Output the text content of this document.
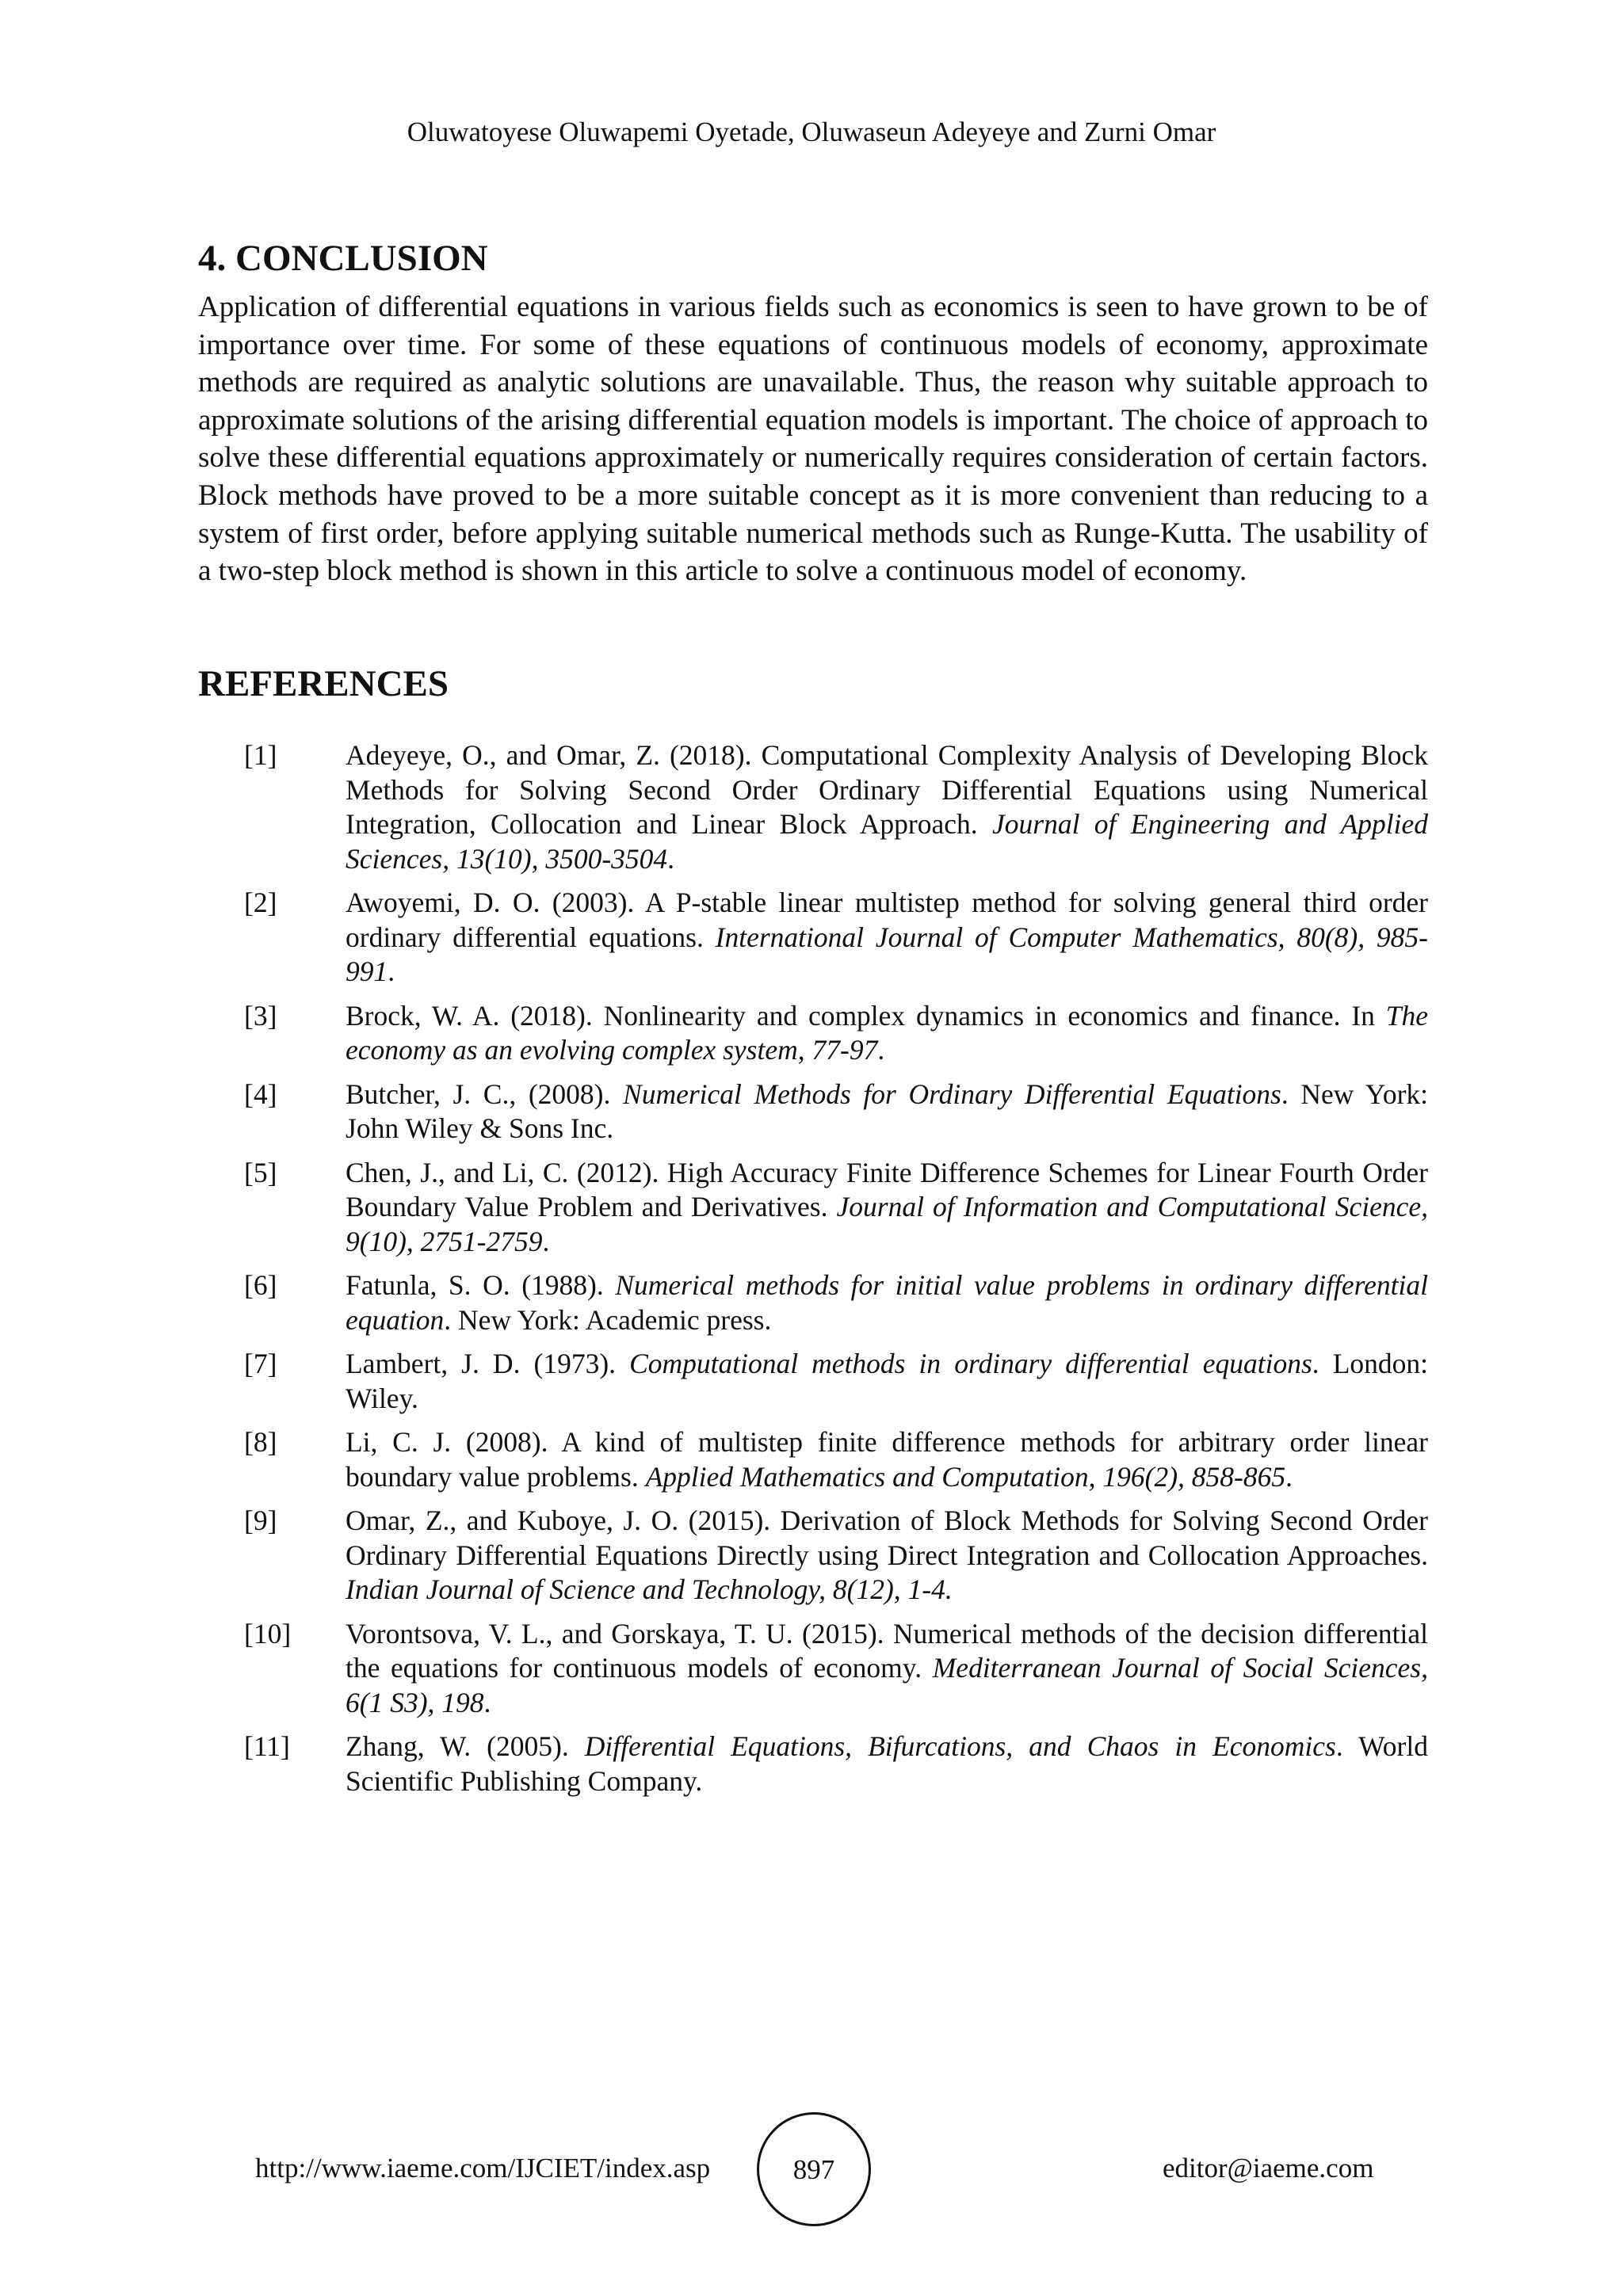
Oluwatoyese Oluwapemi Oyetade, Oluwaseun Adeyeye and Zurni Omar
4. CONCLUSION

Application of differential equations in various fields such as economics is seen to have grown to be of importance over time. For some of these equations of continuous models of economy, approximate methods are required as analytic solutions are unavailable. Thus, the reason why suitable approach to approximate solutions of the arising differential equation models is important. The choice of approach to solve these differential equations approximately or numerically requires consideration of certain factors. Block methods have proved to be a more suitable concept as it is more convenient than reducing to a system of first order, before applying suitable numerical methods such as Runge-Kutta. The usability of a two-step block method is shown in this article to solve a continuous model of economy.

REFERENCES
[1] Adeyeye, O., and Omar, Z. (2018). Computational Complexity Analysis of Developing Block Methods for Solving Second Order Ordinary Differential Equations using Numerical Integration, Collocation and Linear Block Approach. Journal of Engineering and Applied Sciences, 13(10), 3500-3504.
[2] Awoyemi, D. O. (2003). A P-stable linear multistep method for solving general third order ordinary differential equations. International Journal of Computer Mathematics, 80(8), 985-991.
[3] Brock, W. A. (2018). Nonlinearity and complex dynamics in economics and finance. In The economy as an evolving complex system, 77-97.
[4] Butcher, J. C., (2008). Numerical Methods for Ordinary Differential Equations. New York: John Wiley & Sons Inc.
[5] Chen, J., and Li, C. (2012). High Accuracy Finite Difference Schemes for Linear Fourth Order Boundary Value Problem and Derivatives. Journal of Information and Computational Science, 9(10), 2751-2759.
[6] Fatunla, S. O. (1988). Numerical methods for initial value problems in ordinary differential equation. New York: Academic press.
[7] Lambert, J. D. (1973). Computational methods in ordinary differential equations. London: Wiley.
[8] Li, C. J. (2008). A kind of multistep finite difference methods for arbitrary order linear boundary value problems. Applied Mathematics and Computation, 196(2), 858-865.
[9] Omar, Z., and Kuboye, J. O. (2015). Derivation of Block Methods for Solving Second Order Ordinary Differential Equations Directly using Direct Integration and Collocation Approaches. Indian Journal of Science and Technology, 8(12), 1-4.
[10] Vorontsova, V. L., and Gorskaya, T. U. (2015). Numerical methods of the decision differential the equations for continuous models of economy. Mediterranean Journal of Social Sciences, 6(1 S3), 198.
[11] Zhang, W. (2005). Differential Equations, Bifurcations, and Chaos in Economics. World Scientific Publishing Company.
http://www.iaeme.com/IJCIET/index.asp	897	editor@iaeme.com
